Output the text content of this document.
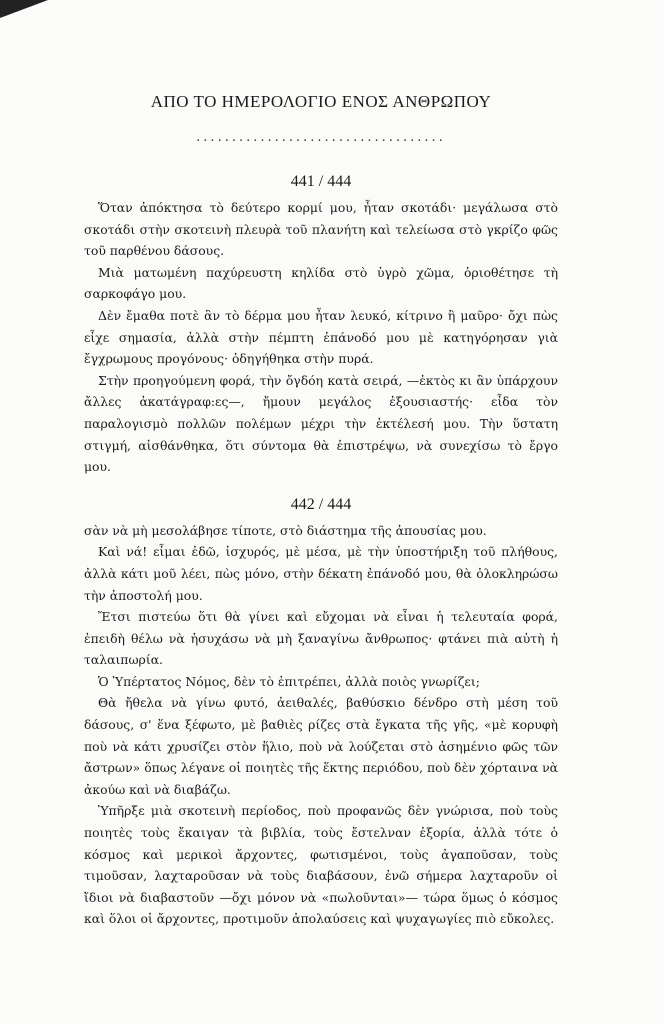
ΑΠΟ ΤΟ ΗΜΕΡΟΛΟΓΙΟ ΕΝΟΣ ΑΝΘΡΩΠΟΥ
...................................
441 / 444

Ὅταν ἀπόκτησα τὸ δεύτερο κορμί μου, ἦταν σκοτάδι· μεγάλωσα στὸ σκοτάδι στὴν σκοτεινὴ πλευρὰ τοῦ πλανήτη καὶ τελείωσα στὸ γκρίζο φῶς τοῦ παρθένου δάσους.

Μιὰ ματωμένη παχύρευστη κηλίδα στὸ ὑγρὸ χῶμα, ὁριοθέτησε τὴ σαρκοφάγο μου.

Δὲν ἔμαθα ποτὲ ἂν τὸ δέρμα μου ἦταν λευκό, κίτρινο ἢ μαῦρο· ὄχι πὼς εἶχε σημασία, ἀλλὰ στὴν πέμπτη ἐπάνοδό μου μὲ κατηγόρησαν γιὰ ἔγχρωμους προγόνους· ὁδηγήθηκα στὴν πυρά.

Στὴν προηγούμενη φορά, τὴν ὄγδόη κατὰ σειρά, —ἐκτὸς κι ἂν ὑπάρχουν ἄλλες ἀκατάγραφ:ες—, ἤμουν μεγάλος ἐξουσιαστής· εἶδα τὸν παραλογισμὸ πολλῶν πολέμων μέχρι τὴν ἐκτέλεσή μου. Τὴν ὕστατη στιγμή, αἰσθάνθηκα, ὅτι σύντομα θὰ ἐπιστρέψω, νὰ συνεχίσω τὸ ἔργο μου.

442 / 444

σὰν νὰ μὴ μεσολάβησε τίποτε, στὸ διάστημα τῆς ἀπουσίας μου.

Καὶ νά! εἶμαι ἐδῶ, ἰσχυρός, μὲ μέσα, μὲ τὴν ὑποστήριξη τοῦ πλήθους, ἀλλὰ κάτι μοῦ λέει, πὼς μόνο, στὴν δέκατη ἐπάνοδό μου, θὰ ὁλοκληρώσω τὴν ἀποστολή μου.

Ἔτσι πιστεύω ὅτι θὰ γίνει καὶ εὔχομαι νὰ εἶναι ἡ τελευταία φορά, ἐπειδὴ θέλω νὰ ἡσυχάσω νὰ μὴ ξαναγίνω ἄνθρωπος· φτάνει πιὰ αὐτὴ ἡ ταλαιπωρία.

Ὁ Ὑπέρτατος Νόμος, δὲν τὸ ἐπιτρέπει, ἀλλὰ ποιὸς γνωρίζει;

Θὰ ἤθελα νὰ γίνω φυτό, ἀειθαλές, βαθύσκιο δένδρο στὴ μέση τοῦ δάσους, σ' ἕνα ξέφωτο, μὲ βαθιὲς ρίζες στὰ ἔγκατα τῆς γῆς, «μὲ κορυφὴ ποὺ νὰ κάτι χρυσίζει στὸν ἥλιο, ποὺ νὰ λούζεται στὸ ἀσημένιο φῶς τῶν ἄστρων» ὅπως λέγανε οἱ ποιητὲς τῆς ἕκτης περιόδου, ποὺ δὲν χόρταινα νὰ ἀκούω καὶ νὰ διαβάζω.

Ὑπῆρξε μιὰ σκοτεινὴ περίοδος, ποὺ προφανῶς δὲν γνώρισα, ποὺ τοὺς ποιητὲς τοὺς ἔκαιγαν τὰ βιβλία, τοὺς ἔστελναν ἐξορία, ἀλλὰ τότε ὁ κόσμος καὶ μερικοὶ ἄρχοντες, φωτισμένοι, τοὺς ἀγαποῦσαν, τοὺς τιμοῦσαν, λαχταροῦσαν νὰ τοὺς διαβάσουν, ἐνῶ σήμερα λαχταροῦν οἱ ἴδιοι νὰ διαβαστοῦν —ὄχι μόνον νὰ «πωλοῦνται»— τώρα ὅμως ὁ κόσμος καὶ ὅλοι οἱ ἄρχοντες, προτιμοῦν ἀπολαύσεις καὶ ψυχαγωγίες πιὸ εὔκολες.
